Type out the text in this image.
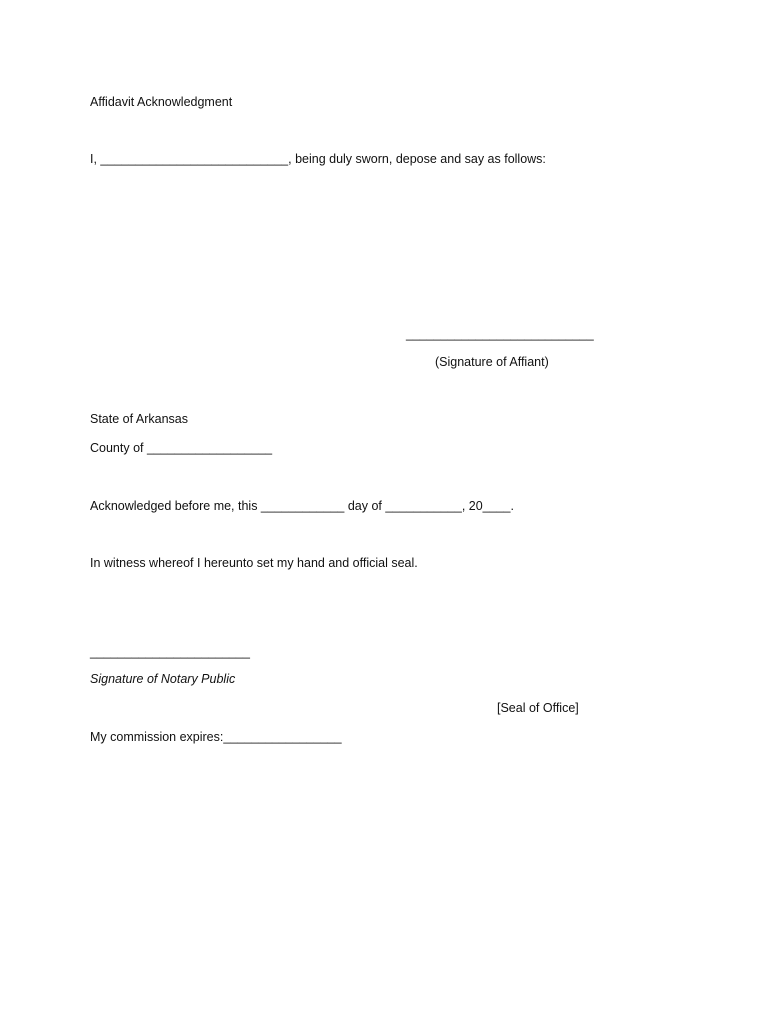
Affidavit Acknowledgment

I, ___________________________, being duly sworn, depose and say as follows:

___________________________

(Signature of Affiant)

State of Arkansas

County of __________________

Acknowledged before me, this ____________ day of ___________, 20____.

In witness whereof I hereunto set my hand and official seal.

_______________________

Signature of Notary Public

[Seal of Office]

My commission expires:_________________
